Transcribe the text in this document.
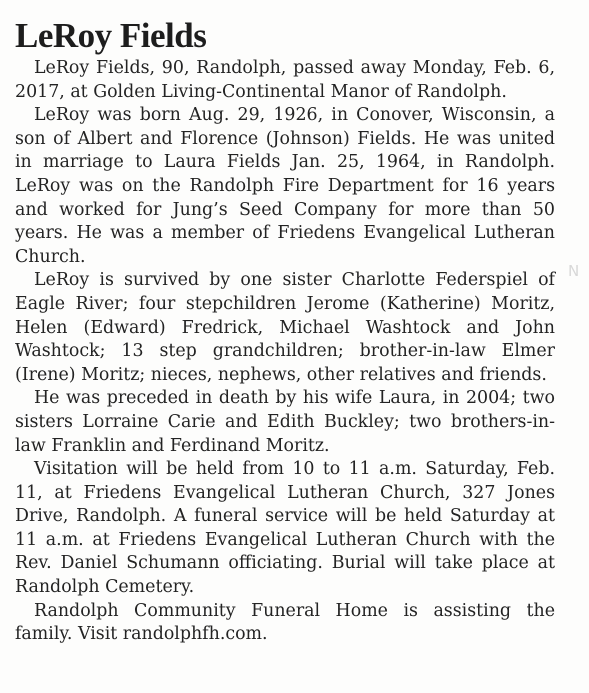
LeRoy Fields

LeRoy Fields, 90, Randolph, passed away Monday, Feb. 6, 2017, at Golden Living-Continental Manor of Randolph.

LeRoy was born Aug. 29, 1926, in Conover, Wisconsin, a son of Albert and Florence (Johnson) Fields. He was united in marriage to Laura Fields Jan. 25, 1964, in Randolph. LeRoy was on the Randolph Fire Department for 16 years and worked for Jung’s Seed Company for more than 50 years. He was a member of Friedens Evangelical Lutheran Church.

LeRoy is survived by one sister Charlotte Federspiel of Eagle River; four stepchildren Jerome (Katherine) Moritz, Helen (Edward) Fredrick, Michael Washtock and John Washtock; 13 step grandchildren; brother-in-law Elmer (Irene) Moritz; nieces, nephews, other relatives and friends.

He was preceded in death by his wife Laura, in 2004; two sisters Lorraine Carie and Edith Buckley; two brothers-in-law Franklin and Ferdinand Moritz.

Visitation will be held from 10 to 11 a.m. Saturday, Feb. 11, at Friedens Evangelical Lutheran Church, 327 Jones Drive, Randolph. A funeral service will be held Saturday at 11 a.m. at Friedens Evangelical Lutheran Church with the Rev. Daniel Schumann officiating. Burial will take place at Randolph Cemetery.

Randolph Community Funeral Home is assisting the family. Visit randolphfh.com.

N
